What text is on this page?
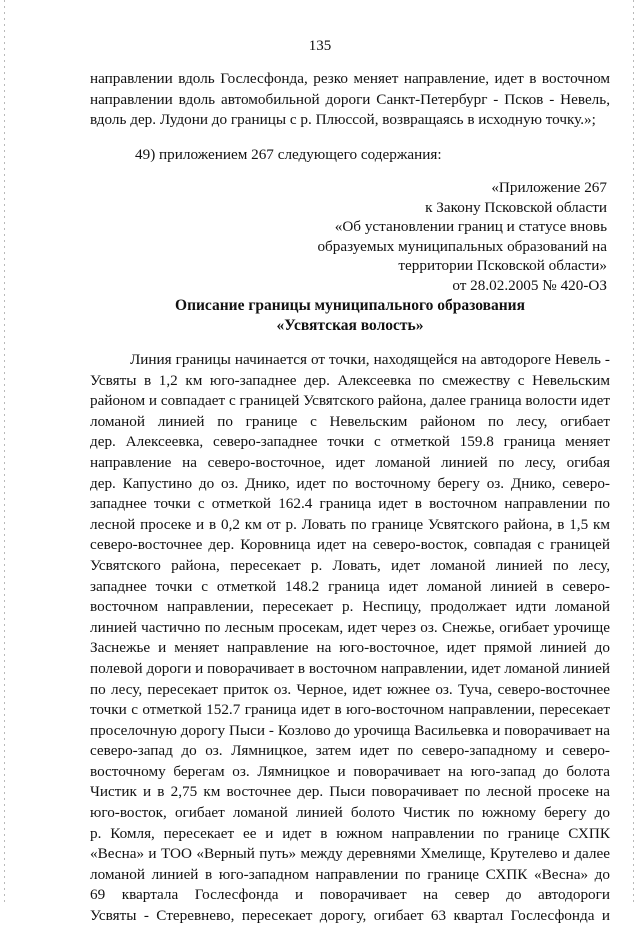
135
направлении вдоль Гослесфонда, резко меняет направление, идет в восточном
направлении вдоль автомобильной дороги Санкт-Петербург - Псков - Невель,
вдоль дер. Лудони до границы с р. Плюссой, возвращаясь в исходную точку.»;
49) приложением 267 следующего содержания:
«Приложение 267
к Закону Псковской области
«Об установлении границ и статусе вновь
образуемых муниципальных образований на
территории Псковской области»
от 28.02.2005 № 420-ОЗ
Описание границы муниципального образования
«Усвятская волость»
Линия границы начинается от точки, находящейся на автодороге Невель -
Усвяты в 1,2 км юго-западнее дер. Алексеевка по смежеству с Невельским
районом и совпадает с границей Усвятского района, далее граница волости идет
ломаной линией по границе с Невельским районом по лесу, огибает
дер. Алексеевка, северо-западнее точки с отметкой 159.8 граница меняет
направление на северо-восточное, идет ломаной линией по лесу, огибая
дер. Капустино до оз. Днико, идет по восточному берегу оз. Днико, северо-
западнее точки с отметкой 162.4 граница идет в восточном направлении по
лесной просеке и в 0,2 км от р. Ловать по границе Усвятского района, в 1,5 км
северо-восточнее дер. Коровница идет на северо-восток, совпадая с границей
Усвятского района, пересекает р. Ловать, идет ломаной линией по лесу,
западнее точки с отметкой 148.2 граница идет ломаной линией в северо-
восточном направлении, пересекает р. Неспицу, продолжает идти ломаной
линией частично по лесным просекам, идет через оз. Снежье, огибает урочище
Заснежье и меняет направление на юго-восточное, идет прямой линией до
полевой дороги и поворачивает в восточном направлении, идет ломаной линией
по лесу, пересекает приток оз. Черное, идет южнее оз. Туча, северо-восточнее
точки с отметкой 152.7 граница идет в юго-восточном направлении, пересекает
проселочную дорогу Пыси - Козлово до урочища Васильевка и поворачивает на
северо-запад до оз. Лямницкое, затем идет по северо-западному и северо-
восточному берегам оз. Лямницкое и поворачивает на юго-запад до болота
Чистик и в 2,75 км восточнее дер. Пыси поворачивает по лесной просеке на
юго-восток, огибает ломаной линией болото Чистик по южному берегу до
р. Комля, пересекает ее и идет в южном направлении по границе СХПК
«Весна» и ТОО «Верный путь» между деревнями Хмелище, Крутелево и далее
ломаной линией в юго-западном направлении по границе СХПК «Весна» до
69 квартала Гослесфонда и поворачивает на север до автодороги
Усвяты - Стеревнево, пересекает дорогу, огибает 63 квартал Гослесфонда и
